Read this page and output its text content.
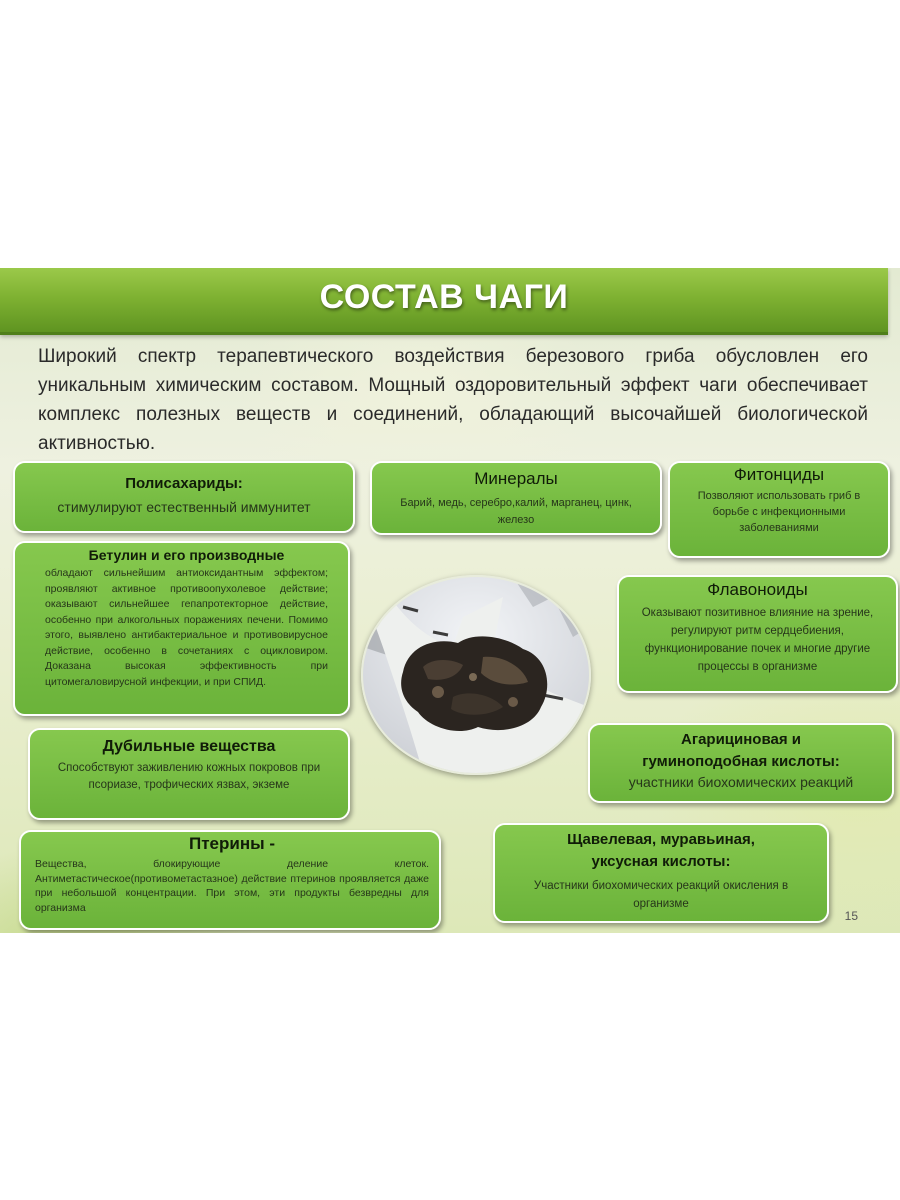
СОСТАВ ЧАГИ
Широкий спектр терапевтического воздействия березового гриба обусловлен его уникальным химическим составом. Мощный оздоровительный эффект чаги обеспечивает комплекс полезных веществ и соединений, обладающий высочайшей биологической активностью.
Полисахариды:
стимулируют естественный иммунитет
Минералы
Барий, медь, серебро,калий, марганец, цинк, железо
Фитонциды
Позволяют использовать гриб в борьбе с инфекционными заболеваниями
Бетулин и его производные
обладают сильнейшим антиоксидантным эффектом; проявляют активное противоопухолевое действие; оказывают сильнейшее гепапротекторное действие, особенно при алкогольных поражениях печени. Помимо этого, выявлено антибактериальное и противовирусное действие, особенно в сочетаниях с оцикловиром. Доказана высокая эффективность при цитомегаловирусной инфекции, и при СПИД.
Флавоноиды
Оказывают позитивное влияние на зрение, регулируют ритм сердцебиения, функционирование почек и многие другие процессы в организме
Дубильные вещества
Способствуют заживлению кожных покровов при псориазе, трофических язвах, экземе
Агарициновая и
гуминоподобная кислоты:
участники биохомических реакций
Птерины -
Вещества, блокирующие деление клеток. Антиметастическое(противометастазное) действие птеринов проявляется даже при небольшой концентрации. При этом, эти продукты безвредны для организма
Щавелевая, муравьиная,
уксусная кислоты:
Участники биохомических реакций окисления в организме
15
